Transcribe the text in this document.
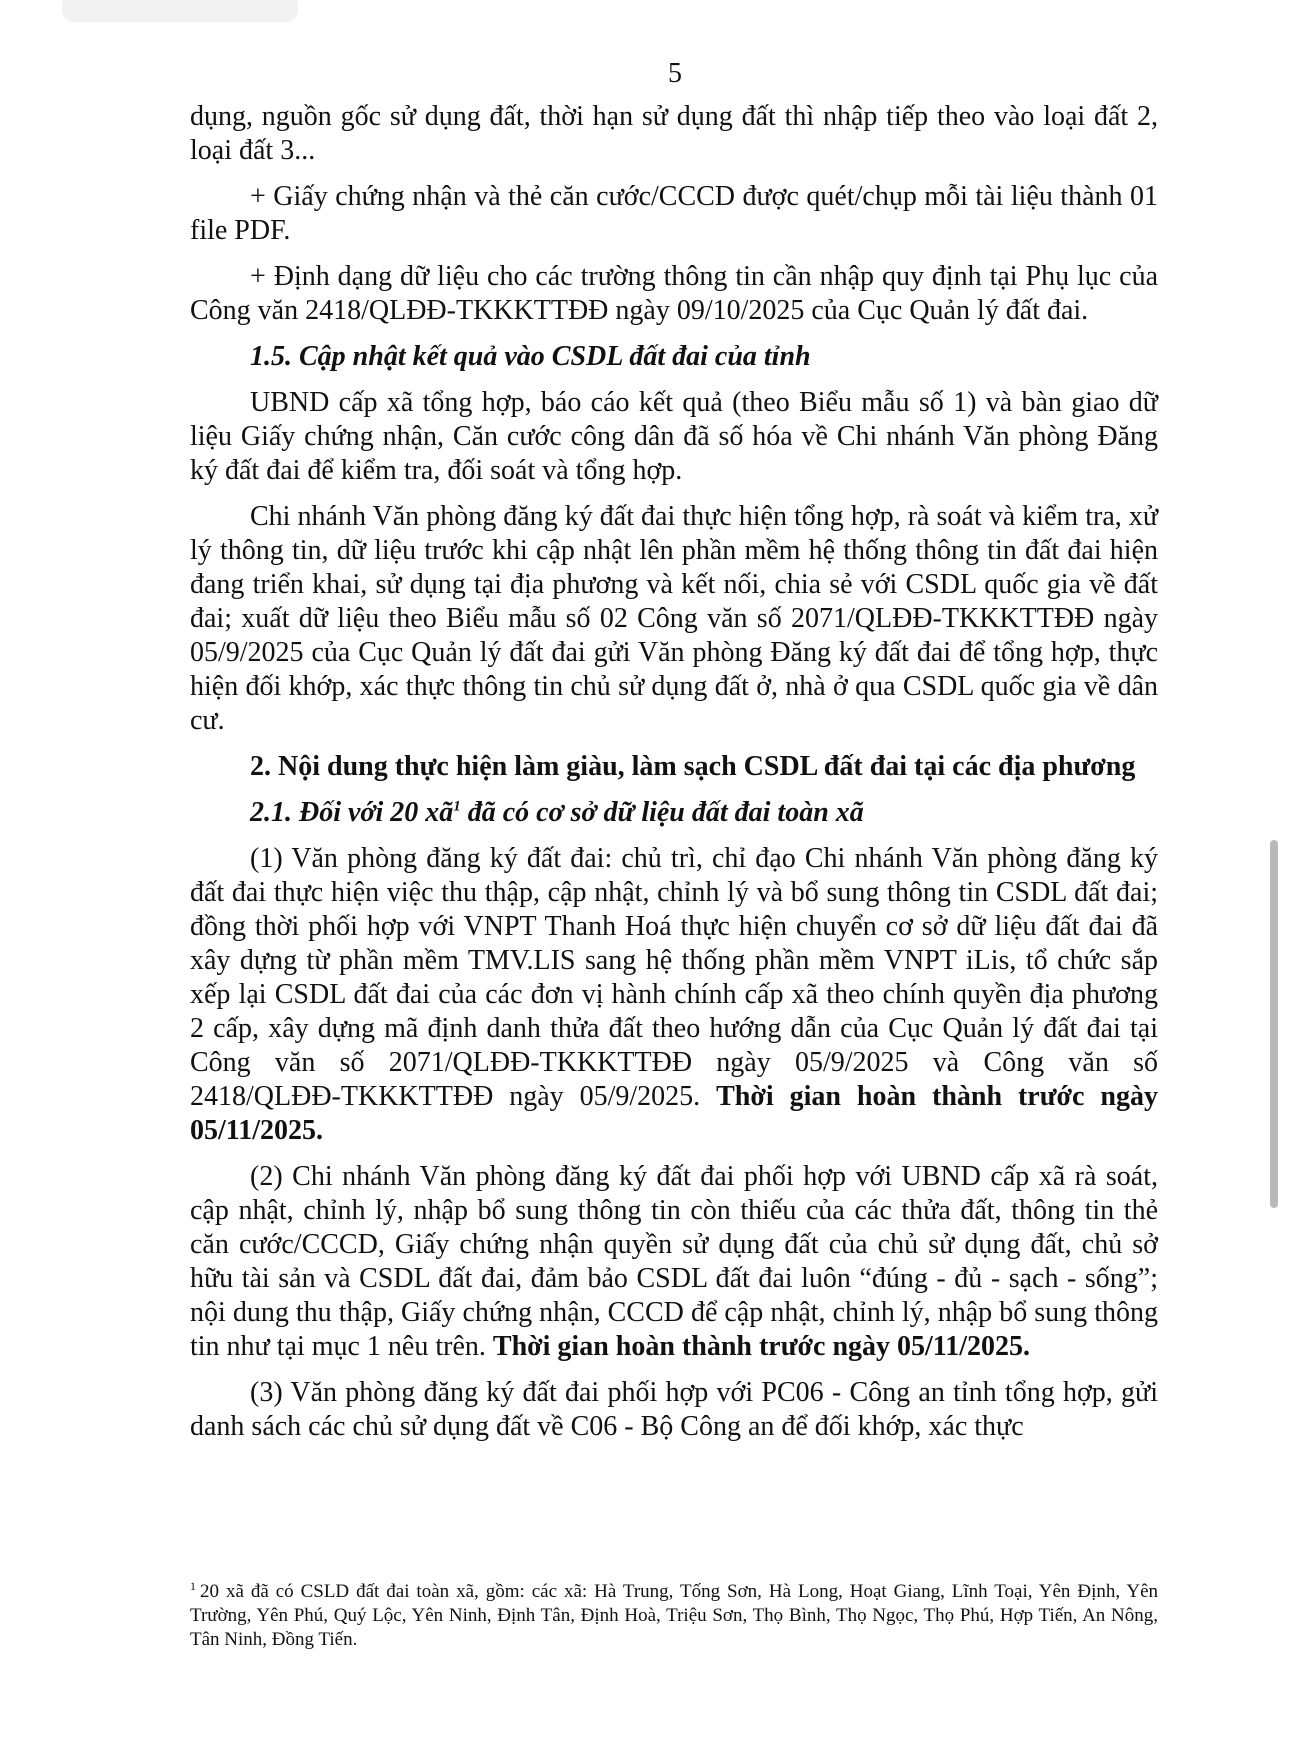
5

dụng, nguồn gốc sử dụng đất, thời hạn sử dụng đất thì nhập tiếp theo vào loại đất 2, loại đất 3...

+ Giấy chứng nhận và thẻ căn cước/CCCD được quét/chụp mỗi tài liệu thành 01 file PDF.

+ Định dạng dữ liệu cho các trường thông tin cần nhập quy định tại Phụ lục của Công văn 2418/QLĐĐ-TKKKTTĐĐ ngày 09/10/2025 của Cục Quản lý đất đai.

1.5. Cập nhật kết quả vào CSDL đất đai của tỉnh

UBND cấp xã tổng hợp, báo cáo kết quả (theo Biểu mẫu số 1) và bàn giao dữ liệu Giấy chứng nhận, Căn cước công dân đã số hóa về Chi nhánh Văn phòng Đăng ký đất đai để kiểm tra, đối soát và tổng hợp.

Chi nhánh Văn phòng đăng ký đất đai thực hiện tổng hợp, rà soát và kiểm tra, xử lý thông tin, dữ liệu trước khi cập nhật lên phần mềm hệ thống thông tin đất đai hiện đang triển khai, sử dụng tại địa phương và kết nối, chia sẻ với CSDL quốc gia về đất đai; xuất dữ liệu theo Biểu mẫu số 02 Công văn số 2071/QLĐĐ-TKKKTTĐĐ ngày 05/9/2025 của Cục Quản lý đất đai gửi Văn phòng Đăng ký đất đai để tổng hợp, thực hiện đối khớp, xác thực thông tin chủ sử dụng đất ở, nhà ở qua CSDL quốc gia về dân cư.

2. Nội dung thực hiện làm giàu, làm sạch CSDL đất đai tại các địa phương

2.1. Đối với 20 $xã^1$ đã có cơ sở dữ liệu đất đai toàn xã

(1) Văn phòng đăng ký đất đai: chủ trì, chỉ đạo Chi nhánh Văn phòng đăng ký đất đai thực hiện việc thu thập, cập nhật, chỉnh lý và bổ sung thông tin CSDL đất đai; đồng thời phối hợp với VNPT Thanh Hoá thực hiện chuyển cơ sở dữ liệu đất đai đã xây dựng từ phần mềm TMV.LIS sang hệ thống phần mềm VNPT iLis, tổ chức sắp xếp lại CSDL đất đai của các đơn vị hành chính cấp xã theo chính quyền địa phương 2 cấp, xây dựng mã định danh thửa đất theo hướng dẫn của Cục Quản lý đất đai tại Công văn số 2071/QLĐĐ-TKKKTTĐĐ ngày 05/9/2025 và Công văn số 2418/QLĐĐ-TKKKTTĐĐ ngày 05/9/2025. Thời gian hoàn thành trước ngày 05/11/2025.

(2) Chi nhánh Văn phòng đăng ký đất đai phối hợp với UBND cấp xã rà soát, cập nhật, chỉnh lý, nhập bổ sung thông tin còn thiếu của các thửa đất, thông tin thẻ căn cước/CCCD, Giấy chứng nhận quyền sử dụng đất của chủ sử dụng đất, chủ sở hữu tài sản và CSDL đất đai, đảm bảo CSDL đất đai luôn “đúng - đủ - sạch - sống”; nội dung thu thập, Giấy chứng nhận, CCCD để cập nhật, chỉnh lý, nhập bổ sung thông tin như tại mục 1 nêu trên. Thời gian hoàn thành trước ngày 05/11/2025.

(3) Văn phòng đăng ký đất đai phối hợp với PC06 - Công an tỉnh tổng hợp, gửi danh sách các chủ sử dụng đất về C06 - Bộ Công an để đối khớp, xác thực

$^1$ 20 xã đã có CSLD đất đai toàn xã, gồm: các xã: Hà Trung, Tống Sơn, Hà Long, Hoạt Giang, Lĩnh Toại, Yên Định, Yên Trường, Yên Phú, Quý Lộc, Yên Ninh, Định Tân, Định Hoà, Triệu Sơn, Thọ Bình, Thọ Ngọc, Thọ Phú, Hợp Tiến, An Nông, Tân Ninh, Đồng Tiến.
